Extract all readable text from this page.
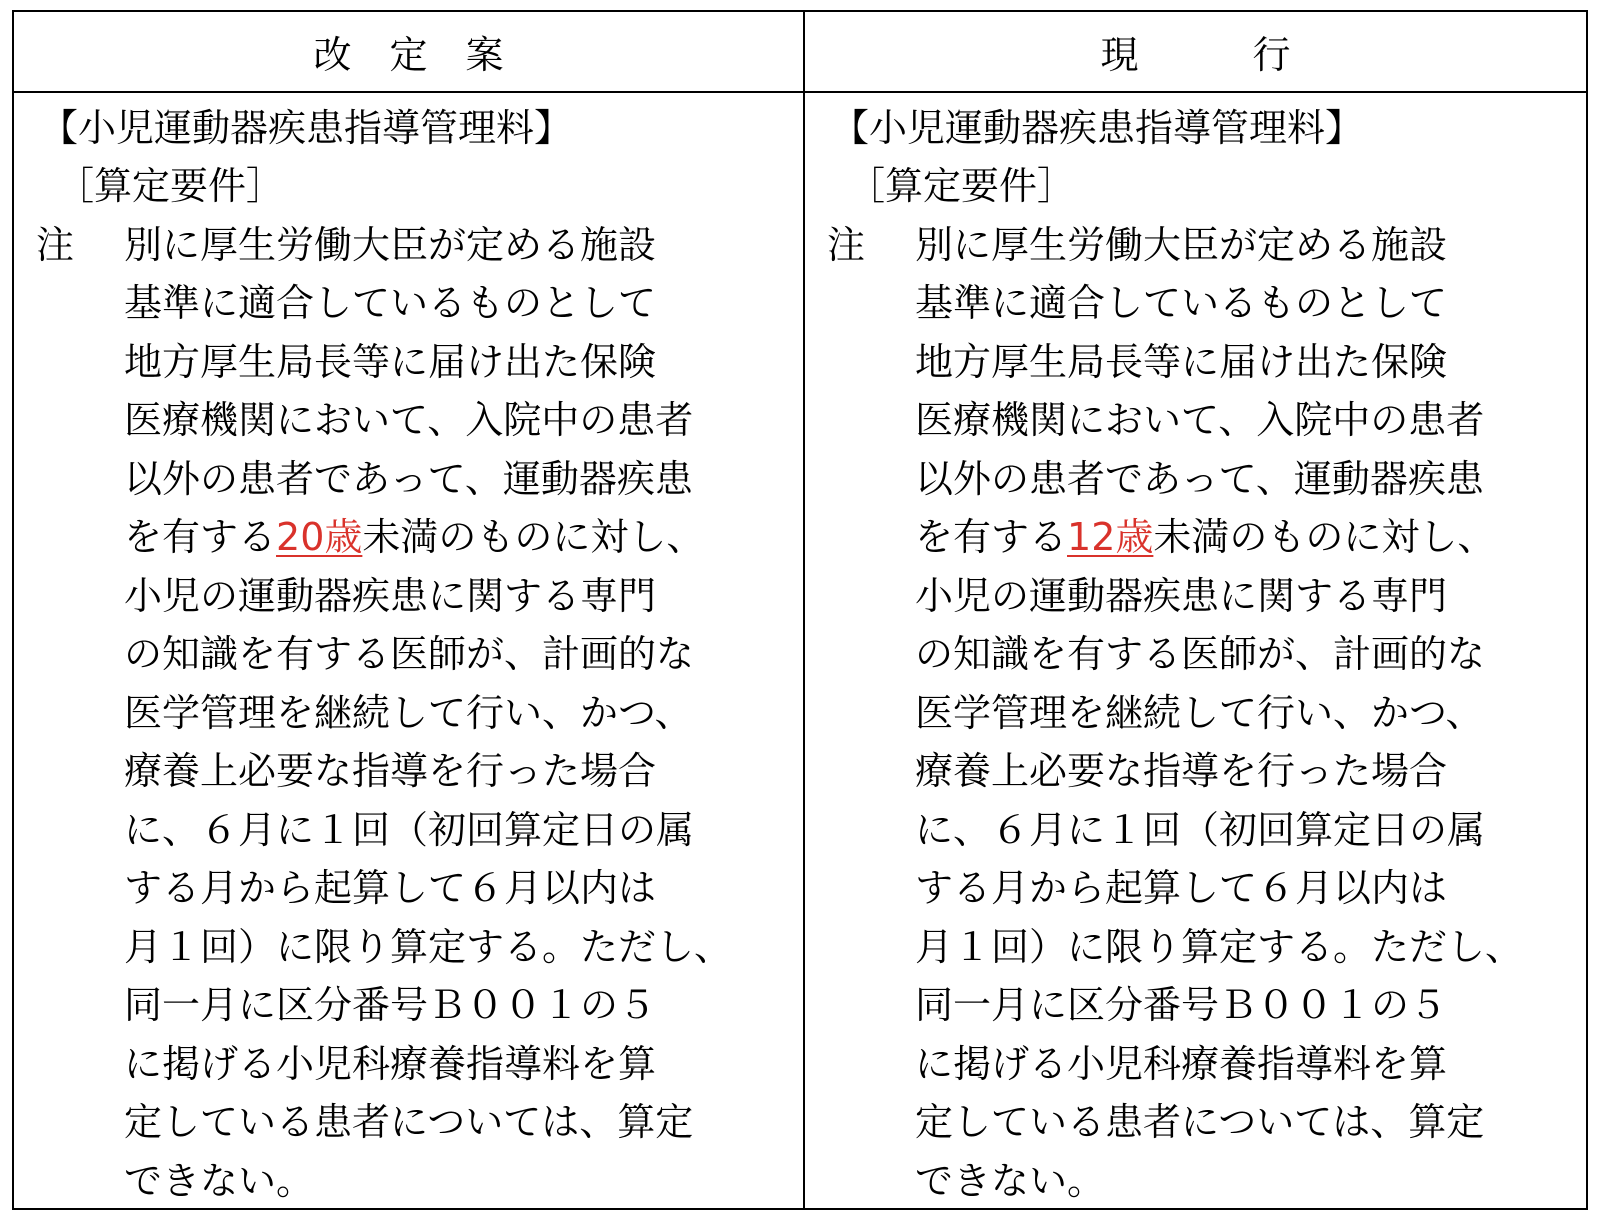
改　定　案	現　　　行
【小児運動器疾患指導管理料】
［算定要件］
注 別に厚生労働大臣が定める施設
基準に適合しているものとして
地方厚生局長等に届け出た保険
医療機関において、入院中の患者
以外の患者であって、運動器疾患
を有する20歳未満のものに対し、
小児の運動器疾患に関する専門
の知識を有する医師が、計画的な
医学管理を継続して行い、かつ、
療養上必要な指導を行った場合
に、６月に１回（初回算定日の属
する月から起算して６月以内は
月１回）に限り算定する。ただし、
同一月に区分番号Ｂ００１の５
に掲げる小児科療養指導料を算
定している患者については、算定
できない。
【小児運動器疾患指導管理料】
［算定要件］
注 別に厚生労働大臣が定める施設
基準に適合しているものとして
地方厚生局長等に届け出た保険
医療機関において、入院中の患者
以外の患者であって、運動器疾患
を有する12歳未満のものに対し、
小児の運動器疾患に関する専門
の知識を有する医師が、計画的な
医学管理を継続して行い、かつ、
療養上必要な指導を行った場合
に、６月に１回（初回算定日の属
する月から起算して６月以内は
月１回）に限り算定する。ただし、
同一月に区分番号Ｂ００１の５
に掲げる小児科療養指導料を算
定している患者については、算定
できない。
